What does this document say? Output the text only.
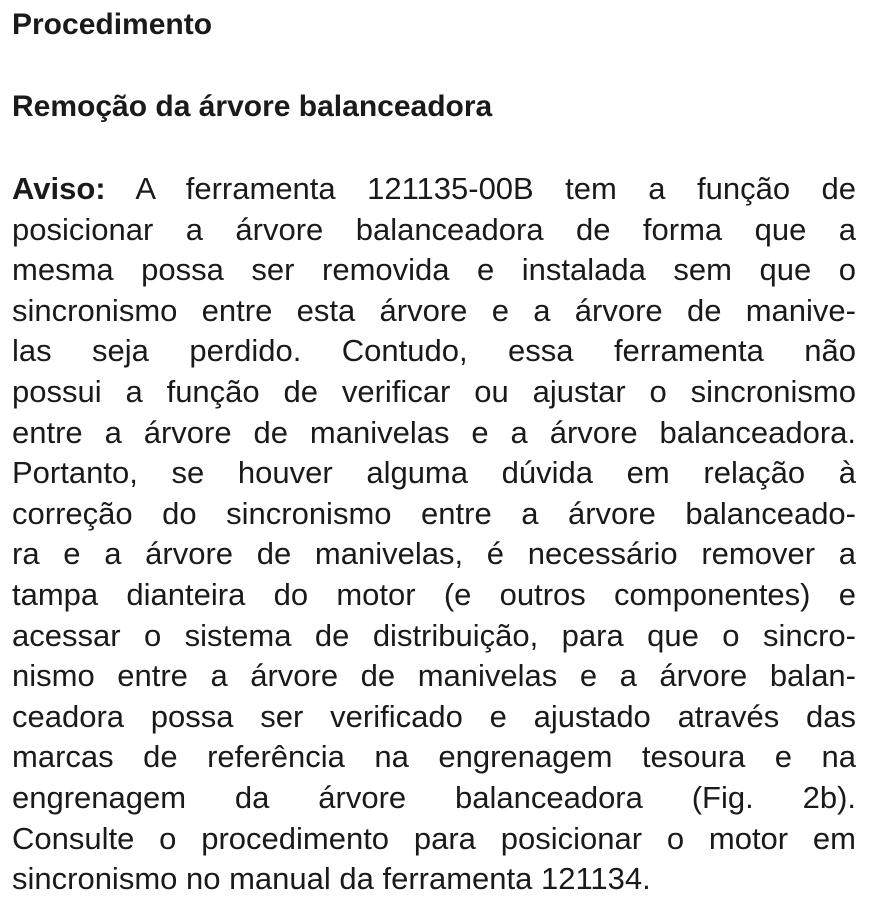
Procedimento
Remoção da árvore balanceadora
Aviso: A ferramenta 121135-00B tem a função de
posicionar a árvore balanceadora de forma que a
mesma possa ser removida e instalada sem que o
sincronismo entre esta árvore e a árvore de manive-
las seja perdido. Contudo, essa ferramenta não
possui a função de verificar ou ajustar o sincronismo
entre a árvore de manivelas e a árvore balanceadora.
Portanto, se houver alguma dúvida em relação à
correção do sincronismo entre a árvore balanceado-
ra e a árvore de manivelas, é necessário remover a
tampa dianteira do motor (e outros componentes) e
acessar o sistema de distribuição, para que o sincro-
nismo entre a árvore de manivelas e a árvore balan-
ceadora possa ser verificado e ajustado através das
marcas de referência na engrenagem tesoura e na
engrenagem da árvore balanceadora (Fig. 2b).
Consulte o procedimento para posicionar o motor em
sincronismo no manual da ferramenta 121134.
